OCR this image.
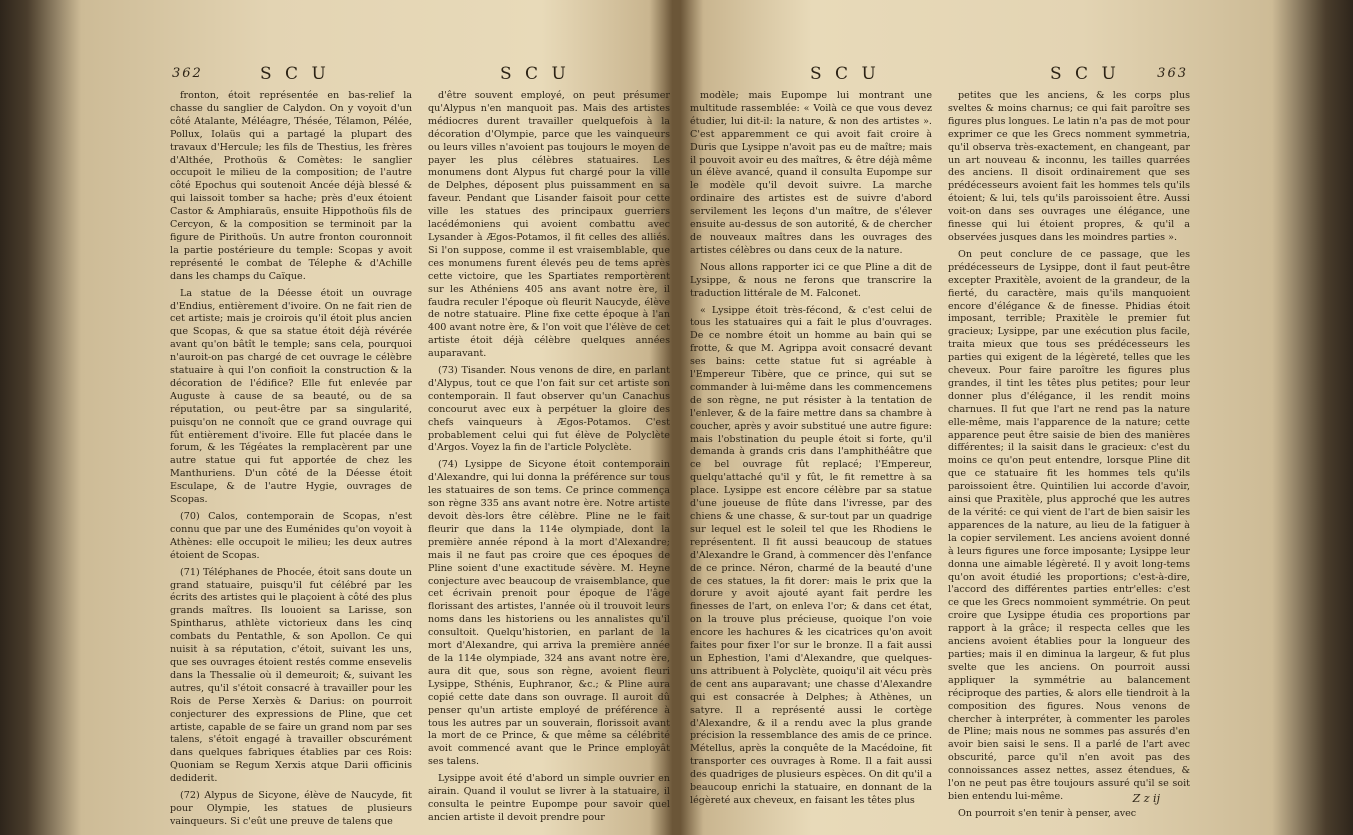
362	S C U	S C U

fronton, étoit représentée en bas-relief la chasse du sanglier de Calydon. On y voyoit d'un côté Atalante, Méléagre, Thésée, Télamon, Pélée, Pollux, Iolaüs qui a partagé la plupart des travaux d'Hercule; les fils de Thestius, les frères d'Althée, Prothoüs & Comètes: le sanglier occupoit le milieu de la composition; de l'autre côté Epochus qui soutenoit Ancée déjà blessé & qui laissoit tomber sa hache; près d'eux étoient Castor & Amphiaraüs, ensuite Hippothoüs fils de Cercyon, & la composition se terminoit par la figure de Pirithoüs. Un autre fronton couronnoit la partie postérieure du temple: Scopas y avoit représenté le combat de Télephe & d'Achille dans les champs du Caïque.

La statue de la Déesse étoit un ouvrage d'Endius, entièrement d'ivoire. On ne fait rien de cet artiste; mais je croirois qu'il étoit plus ancien que Scopas, & que sa statue étoit déjà révérée avant qu'on bâtît le temple; sans cela, pourquoi n'auroit-on pas chargé de cet ouvrage le célèbre statuaire à qui l'on confioit la construction & la décoration de l'édifice? Elle fut enlevée par Auguste à cause de sa beauté, ou de sa réputation, ou peut-être par sa singularité, puisqu'on ne connoît que ce grand ouvrage qui fût entièrement d'ivoire. Elle fut placée dans le forum, & les Tégéates la remplacèrent par une autre statue qui fut apportée de chez les Manthuriens. D'un côté de la Déesse étoit Esculape, & de l'autre Hygie, ouvrages de Scopas.

(70) Calos, contemporain de Scopas, n'est connu que par une des Euménides qu'on voyoit à Athènes: elle occupoit le milieu; les deux autres étoient de Scopas.

(71) Téléphanes de Phocée, étoit sans doute un grand statuaire, puisqu'il fut célébré par les écrits des artistes qui le plaçoient à côté des plus grands maîtres. Ils louoient sa Larisse, son Spintharus, athlète victorieux dans les cinq combats du Pentathle, & son Apollon. Ce qui nuisit à sa réputation, c'étoit, suivant les uns, que ses ouvrages étoient restés comme ensevelis dans la Thessalie où il demeuroit; &, suivant les autres, qu'il s'étoit consacré à travailler pour les Rois de Perse Xerxès & Darius: on pourroit conjecturer des expressions de Pline, que cet artiste, capable de se faire un grand nom par ses talens, s'étoit engagé à travailler obscurément dans quelques fabriques établies par ces Rois: Quoniam se Regum Xerxis atque Darii officinis dediderit.

(72) Alypus de Sicyone, élève de Naucyde, fit pour Olympie, les statues de plusieurs vainqueurs. Si c'eût une preuve de talens que

d'être souvent employé, on peut présumer qu'Alypus n'en manquoit pas. Mais des artistes médiocres durent travailler quelquefois à la décoration d'Olympie, parce que les vainqueurs ou leurs villes n'avoient pas toujours le moyen de payer les plus célèbres statuaires. Les monumens dont Alypus fut chargé pour la ville de Delphes, déposent plus puissamment en sa faveur. Pendant que Lisander faisoit pour cette ville les statues des principaux guerriers lacédémoniens qui avoient combattu avec Lysander à Ægos-Potamos, il fit celles des alliés. Si l'on suppose, comme il est vraisemblable, que ces monumens furent élevés peu de tems après cette victoire, que les Spartiates remportèrent sur les Athéniens 405 ans avant notre ère, il faudra reculer l'époque où fleurit Naucyde, élève de notre statuaire. Pline fixe cette époque à l'an 400 avant notre ère, & l'on voit que l'élève de cet artiste étoit déjà célèbre quelques années auparavant.

(73) Tisander. Nous venons de dire, en parlant d'Alypus, tout ce que l'on fait sur cet artiste son contemporain. Il faut observer qu'un Canachus concourut avec eux à perpétuer la gloire des chefs vainqueurs à Ægos-Potamos. C'est probablement celui qui fut élève de Polyclète d'Argos. Voyez la fin de l'article Polyclète.

(74) Lysippe de Sicyone étoit contemporain d'Alexandre, qui lui donna la préférence sur tous les statuaires de son tems. Ce prince commença son règne 335 ans avant notre ère. Notre artiste devoit dès-lors être célèbre. Pline ne le fait fleurir que dans la 114e olympiade, dont la première année répond à la mort d'Alexandre; mais il ne faut pas croire que ces époques de Pline soient d'une exactitude sévère. M. Heyne conjecture avec beaucoup de vraisemblance, que cet écrivain prenoit pour époque de l'âge florissant des artistes, l'année où il trouvoit leurs noms dans les historiens ou les annalistes qu'il consultoit. Quelqu'historien, en parlant de la mort d'Alexandre, qui arriva la première année de la 114e olympiade, 324 ans avant notre ère, aura dit que, sous son règne, avoient fleuri Lysippe, Sthénis, Euphranor, &c.; & Pline aura copié cette date dans son ouvrage. Il auroit dû penser qu'un artiste employé de préférence à tous les autres par un souverain, florissoit avant la mort de ce Prince, & que même sa célébrité avoit commencé avant que le Prince employât ses talens.

Lysippe avoit été d'abord un simple ouvrier en airain. Quand il voulut se livrer à la statuaire, il consulta le peintre Eupompe pour savoir quel ancien artiste il devoit prendre pour

S C U	S C U	363

modèle; mais Eupompe lui montrant une multitude rassemblée: « Voilà ce que vous devez étudier, lui dit-il: la nature, & non des artistes ». C'est apparemment ce qui avoit fait croire à Duris que Lysippe n'avoit pas eu de maître; mais il pouvoit avoir eu des maîtres, & être déjà même un élève avancé, quand il consulta Eupompe sur le modèle qu'il devoit suivre. La marche ordinaire des artistes est de suivre d'abord servilement les leçons d'un maître, de s'élever ensuite au-dessus de son autorité, & de chercher de nouveaux maîtres dans les ouvrages des artistes célèbres ou dans ceux de la nature.

Nous allons rapporter ici ce que Pline a dit de Lysippe, & nous ne ferons que transcrire la traduction littérale de M. Falconet.

« Lysippe étoit très-fécond, & c'est celui de tous les statuaires qui a fait le plus d'ouvrages. De ce nombre étoit un homme au bain qui se frotte, & que M. Agrippa avoit consacré devant ses bains: cette statue fut si agréable à l'Empereur Tibère, que ce prince, qui sut se commander à lui-même dans les commencemens de son règne, ne put résister à la tentation de l'enlever, & de la faire mettre dans sa chambre à coucher, après y avoir substitué une autre figure: mais l'obstination du peuple étoit si forte, qu'il demanda à grands cris dans l'amphithéâtre que ce bel ouvrage fût replacé; l'Empereur, quelqu'attaché qu'il y fût, le fit remettre à sa place. Lysippe est encore célèbre par sa statue d'une joueuse de flûte dans l'ivresse, par des chiens & une chasse, & sur-tout par un quadrige sur lequel est le soleil tel que les Rhodiens le représentent. Il fit aussi beaucoup de statues d'Alexandre le Grand, à commencer dès l'enfance de ce prince. Néron, charmé de la beauté d'une de ces statues, la fit dorer: mais le prix que la dorure y avoit ajouté ayant fait perdre les finesses de l'art, on enleva l'or; & dans cet état, on la trouve plus précieuse, quoique l'on voie encore les hachures & les cicatrices qu'on avoit faites pour fixer l'or sur le bronze. Il a fait aussi un Ephestion, l'ami d'Alexandre, que quelques-uns attribuent à Polyclète, quoiqu'il ait vécu près de cent ans auparavant; une chasse d'Alexandre qui est consacrée à Delphes; à Athènes, un satyre. Il a représenté aussi le cortège d'Alexandre, & il a rendu avec la plus grande précision la ressemblance des amis de ce prince. Métellus, après la conquête de la Macédoine, fit transporter ces ouvrages à Rome. Il a fait aussi des quadriges de plusieurs espèces. On dit qu'il a beaucoup enrichi la statuaire, en donnant de la légèreté aux cheveux, en faisant les têtes plus

petites que les anciens, & les corps plus sveltes & moins charnus; ce qui fait paroître ses figures plus longues. Le latin n'a pas de mot pour exprimer ce que les Grecs nomment symmetria, qu'il observa très-exactement, en changeant, par un art nouveau & inconnu, les tailles quarrées des anciens. Il disoit ordinairement que ses prédécesseurs avoient fait les hommes tels qu'ils étoient; & lui, tels qu'ils paroissoient être. Aussi voit-on dans ses ouvrages une élégance, une finesse qui lui étoient propres, & qu'il a observées jusques dans les moindres parties ».

On peut conclure de ce passage, que les prédécesseurs de Lysippe, dont il faut peut-être excepter Praxitèle, avoient de la grandeur, de la fierté, du caractère, mais qu'ils manquoient encore d'élégance & de finesse. Phidias étoit imposant, terrible; Praxitèle le premier fut gracieux; Lysippe, par une exécution plus facile, traita mieux que tous ses prédécesseurs les parties qui exigent de la légèreté, telles que les cheveux. Pour faire paroître les figures plus grandes, il tint les têtes plus petites; pour leur donner plus d'élégance, il les rendit moins charnues. Il fut que l'art ne rend pas la nature elle-même, mais l'apparence de la nature; cette apparence peut être saisie de bien des manières différentes; il la saisit dans le gracieux: c'est du moins ce qu'on peut entendre, lorsque Pline dit que ce statuaire fit les hommes tels qu'ils paroissoient être. Quintilien lui accorde d'avoir, ainsi que Praxitèle, plus approché que les autres de la vérité: ce qui vient de l'art de bien saisir les apparences de la nature, au lieu de la fatiguer à la copier servilement. Les anciens avoient donné à leurs figures une force imposante; Lysippe leur donna une aimable légèreté. Il y avoit long-tems qu'on avoit étudié les proportions; c'est-à-dire, l'accord des différentes parties entr'elles: c'est ce que les Grecs nommoient symmétrie. On peut croire que Lysippe étudia ces proportions par rapport à la grâce; il respecta celles que les anciens avoient établies pour la longueur des parties; mais il en diminua la largeur, & fut plus svelte que les anciens. On pourroit aussi appliquer la symmétrie au balancement réciproque des parties, & alors elle tiendroit à la composition des figures. Nous venons de chercher à interpréter, à commenter les paroles de Pline; mais nous ne sommes pas assurés d'en avoir bien saisi le sens. Il a parlé de l'art avec obscurité, parce qu'il n'en avoit pas des connoissances assez nettes, assez étendues, & l'on ne peut pas être toujours assuré qu'il se soit bien entendu lui-même.

On pourroit s'en tenir à penser, avec

Z z ij
